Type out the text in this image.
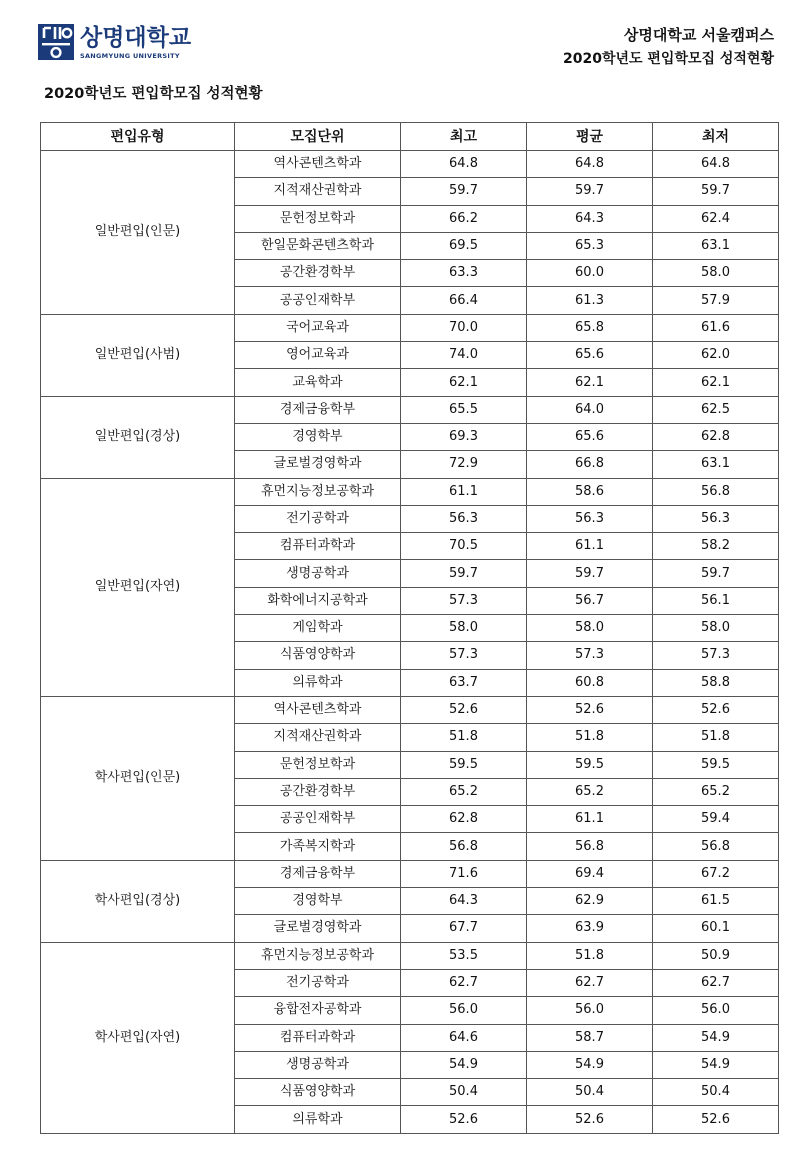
상명대학교
SANGMYUNG UNIVERSITY
상명대학교 서울캠퍼스
2020학년도 편입학모집 성적현황
2020학년도 편입학모집 성적현황
편입유형	모집단위	최고	평균	최저
일반편입(인문)	역사콘텐츠학과	64.8	64.8	64.8
	지적재산권학과	59.7	59.7	59.7
	문헌정보학과	66.2	64.3	62.4
	한일문화콘텐츠학과	69.5	65.3	63.1
	공간환경학부	63.3	60.0	58.0
	공공인재학부	66.4	61.3	57.9
일반편입(사범)	국어교육과	70.0	65.8	61.6
	영어교육과	74.0	65.6	62.0
	교육학과	62.1	62.1	62.1
일반편입(경상)	경제금융학부	65.5	64.0	62.5
	경영학부	69.3	65.6	62.8
	글로벌경영학과	72.9	66.8	63.1
일반편입(자연)	휴먼지능정보공학과	61.1	58.6	56.8
	전기공학과	56.3	56.3	56.3
	컴퓨터과학과	70.5	61.1	58.2
	생명공학과	59.7	59.7	59.7
	화학에너지공학과	57.3	56.7	56.1
	게임학과	58.0	58.0	58.0
	식품영양학과	57.3	57.3	57.3
	의류학과	63.7	60.8	58.8
학사편입(인문)	역사콘텐츠학과	52.6	52.6	52.6
	지적재산권학과	51.8	51.8	51.8
	문헌정보학과	59.5	59.5	59.5
	공간환경학부	65.2	65.2	65.2
	공공인재학부	62.8	61.1	59.4
	가족복지학과	56.8	56.8	56.8
학사편입(경상)	경제금융학부	71.6	69.4	67.2
	경영학부	64.3	62.9	61.5
	글로벌경영학과	67.7	63.9	60.1
학사편입(자연)	휴먼지능정보공학과	53.5	51.8	50.9
	전기공학과	62.7	62.7	62.7
	융합전자공학과	56.0	56.0	56.0
	컴퓨터과학과	64.6	58.7	54.9
	생명공학과	54.9	54.9	54.9
	식품영양학과	50.4	50.4	50.4
	의류학과	52.6	52.6	52.6
